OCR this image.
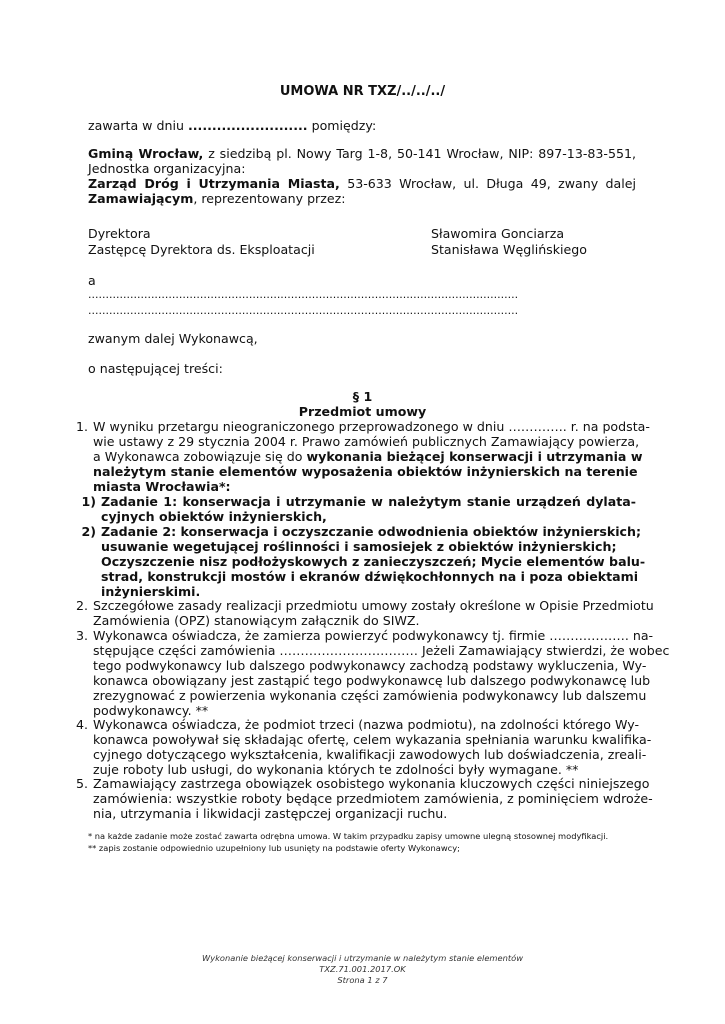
UMOWA NR TXZ/../../../
zawarta w dniu ......................... pomiędzy:
Gminą Wrocław, z siedzibą pl. Nowy Targ 1-8, 50-141 Wrocław, NIP: 897-13-83-551,
Jednostka organizacyjna:
Zarząd Dróg i Utrzymania Miasta, 53-633 Wrocław, ul. Długa 49, zwany dalej
Zamawiającym, reprezentowany przez:
Dyrektora	Sławomira Gonciarza
Zastępcę Dyrektora ds. Eksploatacji	Stanisława Węglińskiego
a
...........................................................................................................................
...........................................................................................................................
zwanym dalej Wykonawcą,
o następującej treści:
§ 1
Przedmiot umowy
1. W wyniku przetargu nieograniczonego przeprowadzonego w dniu ………….. r. na podsta-
wie ustawy z 29 stycznia 2004 r. Prawo zamówień publicznych Zamawiający powierza,
a Wykonawca zobowiązuje się do wykonania bieżącej konserwacji i utrzymania w
należytym stanie elementów wyposażenia obiektów inżynierskich na terenie
miasta Wrocławia*:
1) Zadanie 1: konserwacja i utrzymanie w należytym stanie urządzeń dylata-
cyjnych obiektów inżynierskich,
2) Zadanie 2: konserwacja i oczyszczanie odwodnienia obiektów inżynierskich;
usuwanie wegetującej roślinności i samosiejek z obiektów inżynierskich;
Oczyszczenie nisz podłożyskowych z zanieczyszczeń; Mycie elementów balu-
strad, konstrukcji mostów i ekranów dźwiękochłonnych na i poza obiektami
inżynierskimi.
2. Szczegółowe zasady realizacji przedmiotu umowy zostały określone w Opisie Przedmiotu
Zamówienia (OPZ) stanowiącym załącznik do SIWZ.
3. Wykonawca oświadcza, że zamierza powierzyć podwykonawcy tj. firmie ………………. na-
stępujące części zamówienia …………………………… Jeżeli Zamawiający stwierdzi, że wobec
tego podwykonawcy lub dalszego podwykonawcy zachodzą podstawy wykluczenia, Wy-
konawca obowiązany jest zastąpić tego podwykonawcę lub dalszego podwykonawcę lub
zrezygnować z powierzenia wykonania części zamówienia podwykonawcy lub dalszemu
podwykonawcy. **
4. Wykonawca oświadcza, że podmiot trzeci (nazwa podmiotu), na zdolności którego Wy-
konawca powoływał się składając ofertę, celem wykazania spełniania warunku kwalifika-
cyjnego dotyczącego wykształcenia, kwalifikacji zawodowych lub doświadczenia, zreali-
zuje roboty lub usługi, do wykonania których te zdolności były wymagane. **
5. Zamawiający zastrzega obowiązek osobistego wykonania kluczowych części niniejszego
zamówienia: wszystkie roboty będące przedmiotem zamówienia, z pominięciem wdroże-
nia, utrzymania i likwidacji zastępczej organizacji ruchu.
* na każde zadanie może zostać zawarta odrębna umowa. W takim przypadku zapisy umowne ulegną stosownej modyfikacji.
** zapis zostanie odpowiednio uzupełniony lub usunięty na podstawie oferty Wykonawcy;
Wykonanie bieżącej konserwacji i utrzymanie w należytym stanie elementów
TXZ.71.001.2017.OK
Strona 1 z 7
